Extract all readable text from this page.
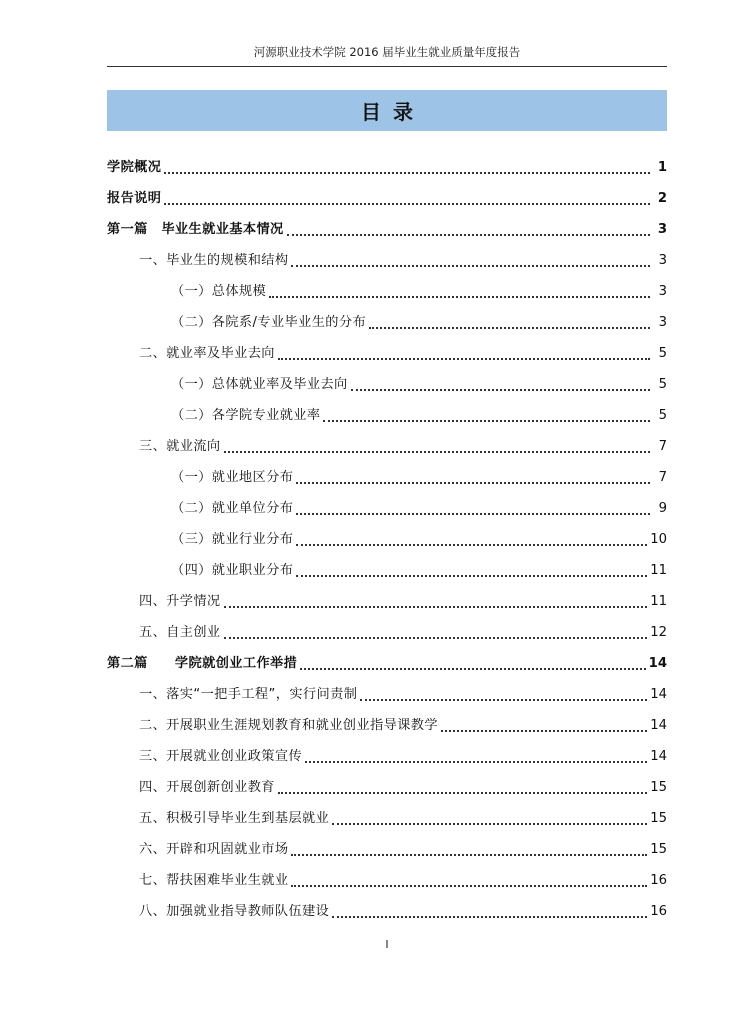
河源职业技术学院 2016 届毕业生就业质量年度报告
目录
学院概况	1
报告说明	2
第一篇　毕业生就业基本情况	3
一、毕业生的规模和结构	3
（一）总体规模	3
（二）各院系/专业毕业生的分布	3
二、就业率及毕业去向	5
（一）总体就业率及毕业去向	5
（二）各学院专业就业率	5
三、就业流向	7
（一）就业地区分布	7
（二）就业单位分布	9
（三）就业行业分布	10
（四）就业职业分布	11
四、升学情况	11
五、自主创业	12
第二篇　　学院就创业工作举措	14
一、落实“一把手工程”，实行问责制	14
二、开展职业生涯规划教育和就业创业指导课教学	14
三、开展就业创业政策宣传	14
四、开展创新创业教育	15
五、积极引导毕业生到基层就业	15
六、开辟和巩固就业市场	15
七、帮扶困难毕业生就业	16
八、加强就业指导教师队伍建设	16
I
